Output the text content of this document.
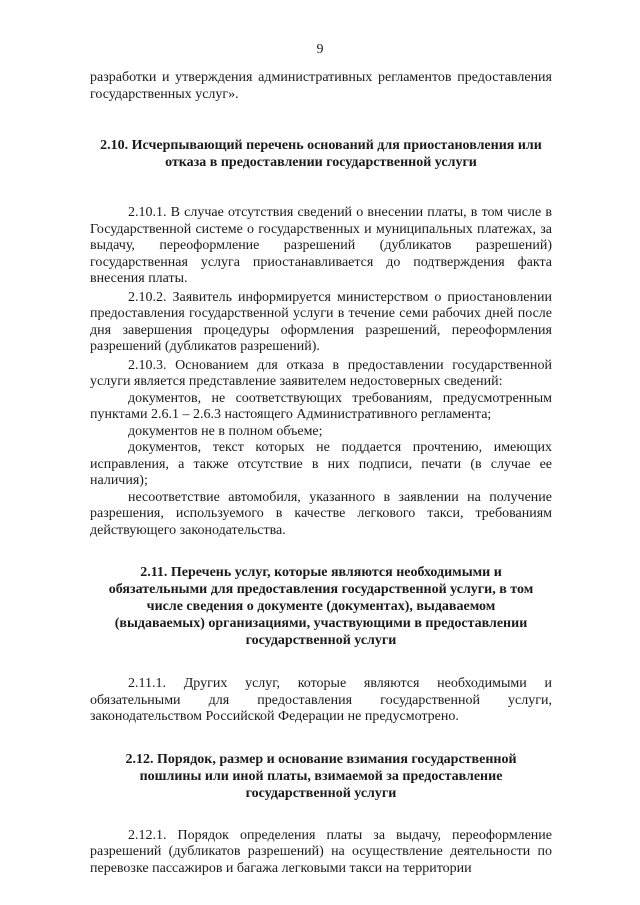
9

разработки и утверждения административных регламентов предоставления государственных услуг».

2.10. Исчерпывающий перечень оснований для приостановления или отказа в предоставлении государственной услуги

2.10.1. В случае отсутствия сведений о внесении платы, в том числе в Государственной системе о государственных и муниципальных платежах, за выдачу, переоформление разрешений (дубликатов разрешений) государственная услуга приостанавливается до подтверждения факта внесения платы.

2.10.2. Заявитель информируется министерством о приостановлении предоставления государственной услуги в течение семи рабочих дней после дня завершения процедуры оформления разрешений, переоформления разрешений (дубликатов разрешений).

2.10.3. Основанием для отказа в предоставлении государственной услуги является представление заявителем недостоверных сведений:

документов, не соответствующих требованиям, предусмотренным пунктами 2.6.1 – 2.6.3 настоящего Административного регламента;

документов не в полном объеме;

документов, текст которых не поддается прочтению, имеющих исправления, а также отсутствие в них подписи, печати (в случае ее наличия);

несоответствие автомобиля, указанного в заявлении на получение разрешения, используемого в качестве легкового такси, требованиям действующего законодательства.

2.11. Перечень услуг, которые являются необходимыми и обязательными для предоставления государственной услуги, в том числе сведения о документе (документах), выдаваемом (выдаваемых) организациями, участвующими в предоставлении государственной услуги

2.11.1. Других услуг, которые являются необходимыми и обязательными для предоставления государственной услуги, законодательством Российской Федерации не предусмотрено.

2.12. Порядок, размер и основание взимания государственной пошлины или иной платы, взимаемой за предоставление государственной услуги

2.12.1. Порядок определения платы за выдачу, переоформление разрешений (дубликатов разрешений) на осуществление деятельности по перевозке пассажиров и багажа легковыми такси на территории
